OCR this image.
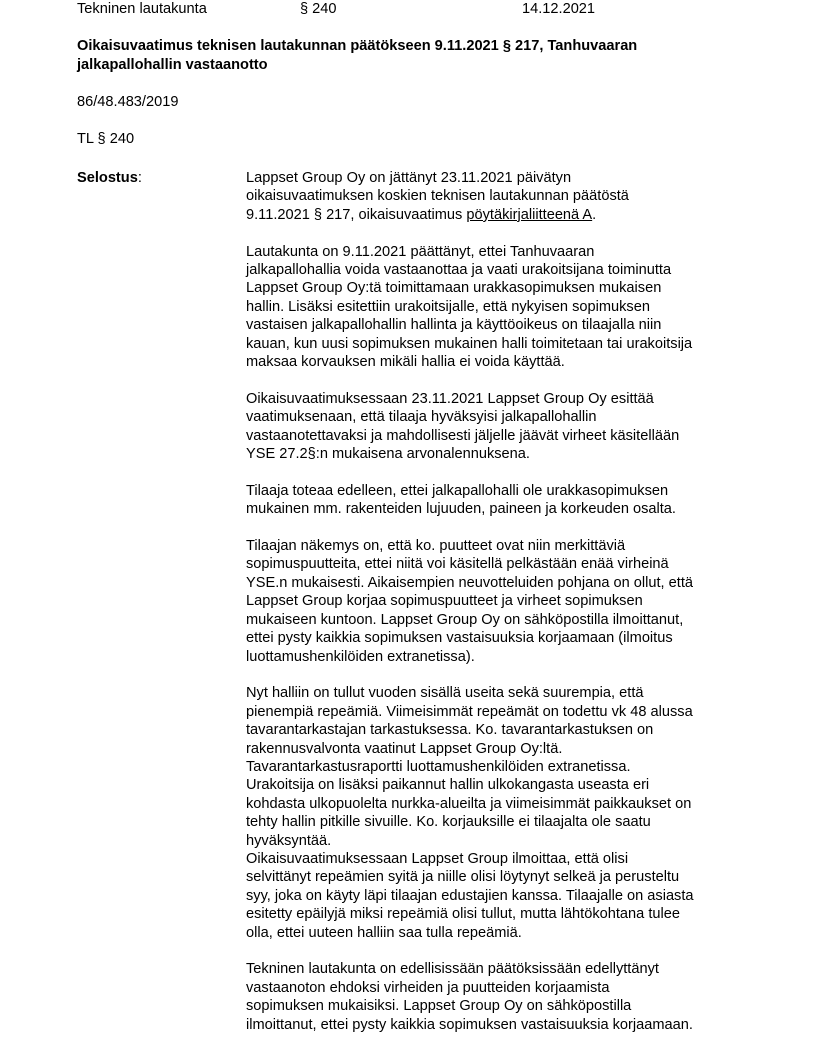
Tekninen lautakunta	§ 240	14.12.2021
Oikaisuvaatimus teknisen lautakunnan päätökseen 9.11.2021 § 217, Tanhuvaaran
jalkapallohallin vastaanotto

86/48.483/2019

TL § 240

Selostus:	Lappset Group Oy on jättänyt 23.11.2021 päivätyn

oikaisuvaatimuksen koskien teknisen lautakunnan päätöstä

9.11.2021 § 217, oikaisuvaatimus pöytäkirjaliitteenä A.

Lautakunta on 9.11.2021 päättänyt, ettei Tanhuvaaran

jalkapallohallia voida vastaanottaa ja vaati urakoitsijana toiminutta

Lappset Group Oy:tä toimittamaan urakkasopimuksen mukaisen

hallin. Lisäksi esitettiin urakoitsijalle, että nykyisen sopimuksen

vastaisen jalkapallohallin hallinta ja käyttöoikeus on tilaajalla niin

kauan, kun uusi sopimuksen mukainen halli toimitetaan tai urakoitsija

maksaa korvauksen mikäli hallia ei voida käyttää.

Oikaisuvaatimuksessaan 23.11.2021 Lappset Group Oy esittää

vaatimuksenaan, että tilaaja hyväksyisi jalkapallohallin

vastaanotettavaksi ja mahdollisesti jäljelle jäävät virheet käsitellään

YSE 27.2§:n mukaisena arvonalennuksena.

Tilaaja toteaa edelleen, ettei jalkapallohalli ole urakkasopimuksen

mukainen mm. rakenteiden lujuuden, paineen ja korkeuden osalta.

Tilaajan näkemys on, että ko. puutteet ovat niin merkittäviä

sopimuspuutteita, ettei niitä voi käsitellä pelkästään enää virheinä

YSE.n mukaisesti. Aikaisempien neuvotteluiden pohjana on ollut, että

Lappset Group korjaa sopimuspuutteet ja virheet sopimuksen

mukaiseen kuntoon. Lappset Group Oy on sähköpostilla ilmoittanut,

ettei pysty kaikkia sopimuksen vastaisuuksia korjaamaan (ilmoitus

luottamushenkilöiden extranetissa).

Nyt halliin on tullut vuoden sisällä useita sekä suurempia, että

pienempiä repeämiä. Viimeisimmät repeämät on todettu vk 48 alussa

tavarantarkastajan tarkastuksessa. Ko. tavarantarkastuksen on

rakennusvalvonta vaatinut Lappset Group Oy:ltä.

Tavarantarkastusraportti luottamushenkilöiden extranetissa.

Urakoitsija on lisäksi paikannut hallin ulkokangasta useasta eri

kohdasta ulkopuolelta nurkka-alueilta ja viimeisimmät paikkaukset on

tehty hallin pitkille sivuille. Ko. korjauksille ei tilaajalta ole saatu

hyväksyntää.

Oikaisuvaatimuksessaan Lappset Group ilmoittaa, että olisi

selvittänyt repeämien syitä ja niille olisi löytynyt selkeä ja perusteltu

syy, joka on käyty läpi tilaajan edustajien kanssa. Tilaajalle on asiasta

esitetty epäilyjä miksi repeämiä olisi tullut, mutta lähtökohtana tulee

olla, ettei uuteen halliin saa tulla repeämiä.

Tekninen lautakunta on edellisissään päätöksissään edellyttänyt

vastaanoton ehdoksi virheiden ja puutteiden korjaamista

sopimuksen mukaisiksi. Lappset Group Oy on sähköpostilla

ilmoittanut, ettei pysty kaikkia sopimuksen vastaisuuksia korjaamaan.
